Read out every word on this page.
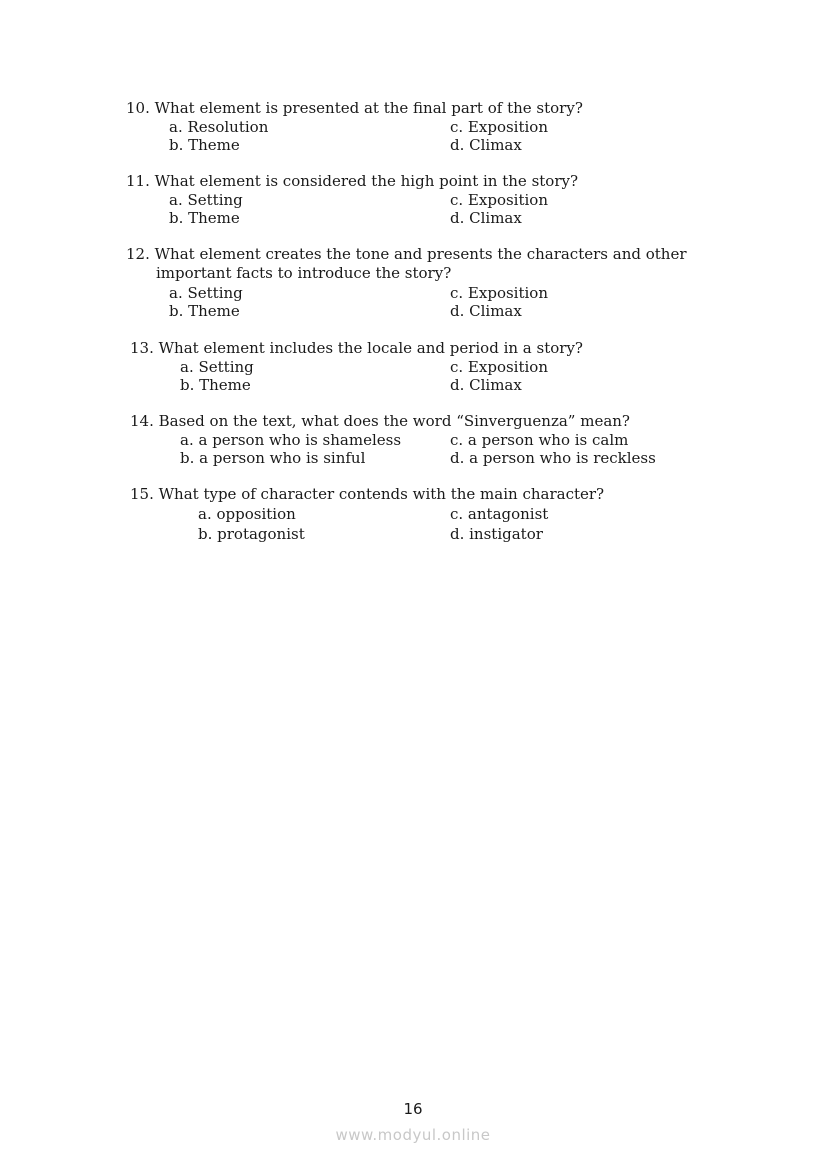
10. What element is presented at the final part of the story?
a. Resolution	c. Exposition
b. Theme	d. Climax
11. What element is considered the high point in the story?
a. Setting	c. Exposition
b. Theme	d. Climax
12. What element creates the tone and presents the characters and other
important facts to introduce the story?
a. Setting	c. Exposition
b. Theme	d. Climax
13. What element includes the locale and period in a story?
a. Setting	c. Exposition
b. Theme	d. Climax
14. Based on the text, what does the word “Sinverguenza” mean?
a. a person who is shameless	c. a person who is calm
b. a person who is sinful	d. a person who is reckless
15. What type of character contends with the main character?
a. opposition	c. antagonist
b. protagonist	d. instigator
16
www.modyul.online
